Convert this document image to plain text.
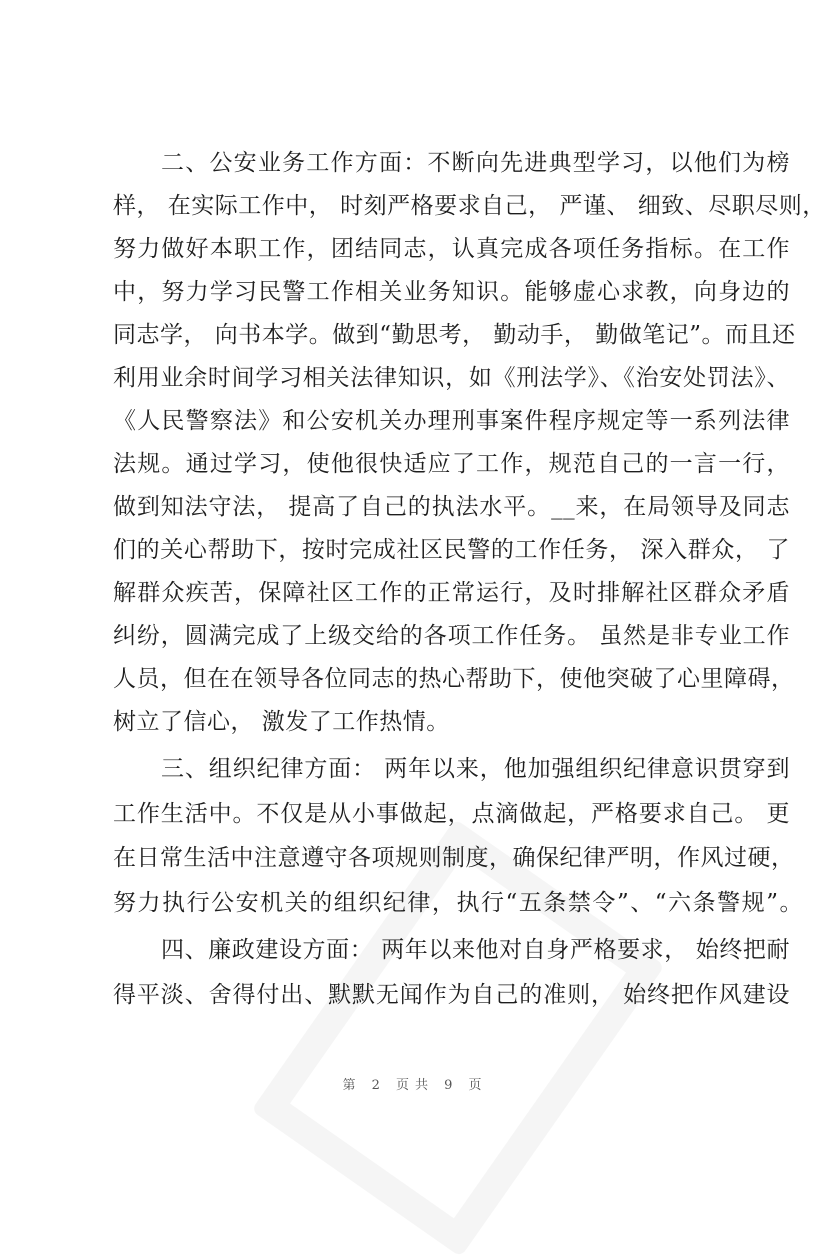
二、公安业务工作方面：不断向先进典型学习，以他们为榜
样， 在实际工作中， 时刻严格要求自己， 严谨、 细致、尽职尽则，
努力做好本职工作，团结同志，认真完成各项任务指标。在工作
中，努力学习民警工作相关业务知识。能够虚心求教，向身边的
同志学， 向书本学。做到“勤思考， 勤动手， 勤做笔记”。而且还
利用业余时间学习相关法律知识，如《刑法学》、《治安处罚法》、
《人民警察法》和公安机关办理刑事案件程序规定等一系列法律
法规。通过学习，使他很快适应了工作，规范自己的一言一行，
做到知法守法， 提高了自己的执法水平。__来，在局领导及同志
们的关心帮助下，按时完成社区民警的工作任务， 深入群众， 了
解群众疾苦，保障社区工作的正常运行，及时排解社区群众矛盾
纠纷，圆满完成了上级交给的各项工作任务。 虽然是非专业工作
人员，但在在领导各位同志的热心帮助下，使他突破了心里障碍，
树立了信心， 激发了工作热情。
三、组织纪律方面： 两年以来，他加强组织纪律意识贯穿到
工作生活中。不仅是从小事做起，点滴做起，严格要求自己。 更
在日常生活中注意遵守各项规则制度，确保纪律严明，作风过硬，
努力执行公安机关的组织纪律，执行“五条禁令”、“六条警规”。
四、廉政建设方面： 两年以来他对自身严格要求， 始终把耐
得平淡、舍得付出、默默无闻作为自己的准则， 始终把作风建设
第 2 页共 9 页
